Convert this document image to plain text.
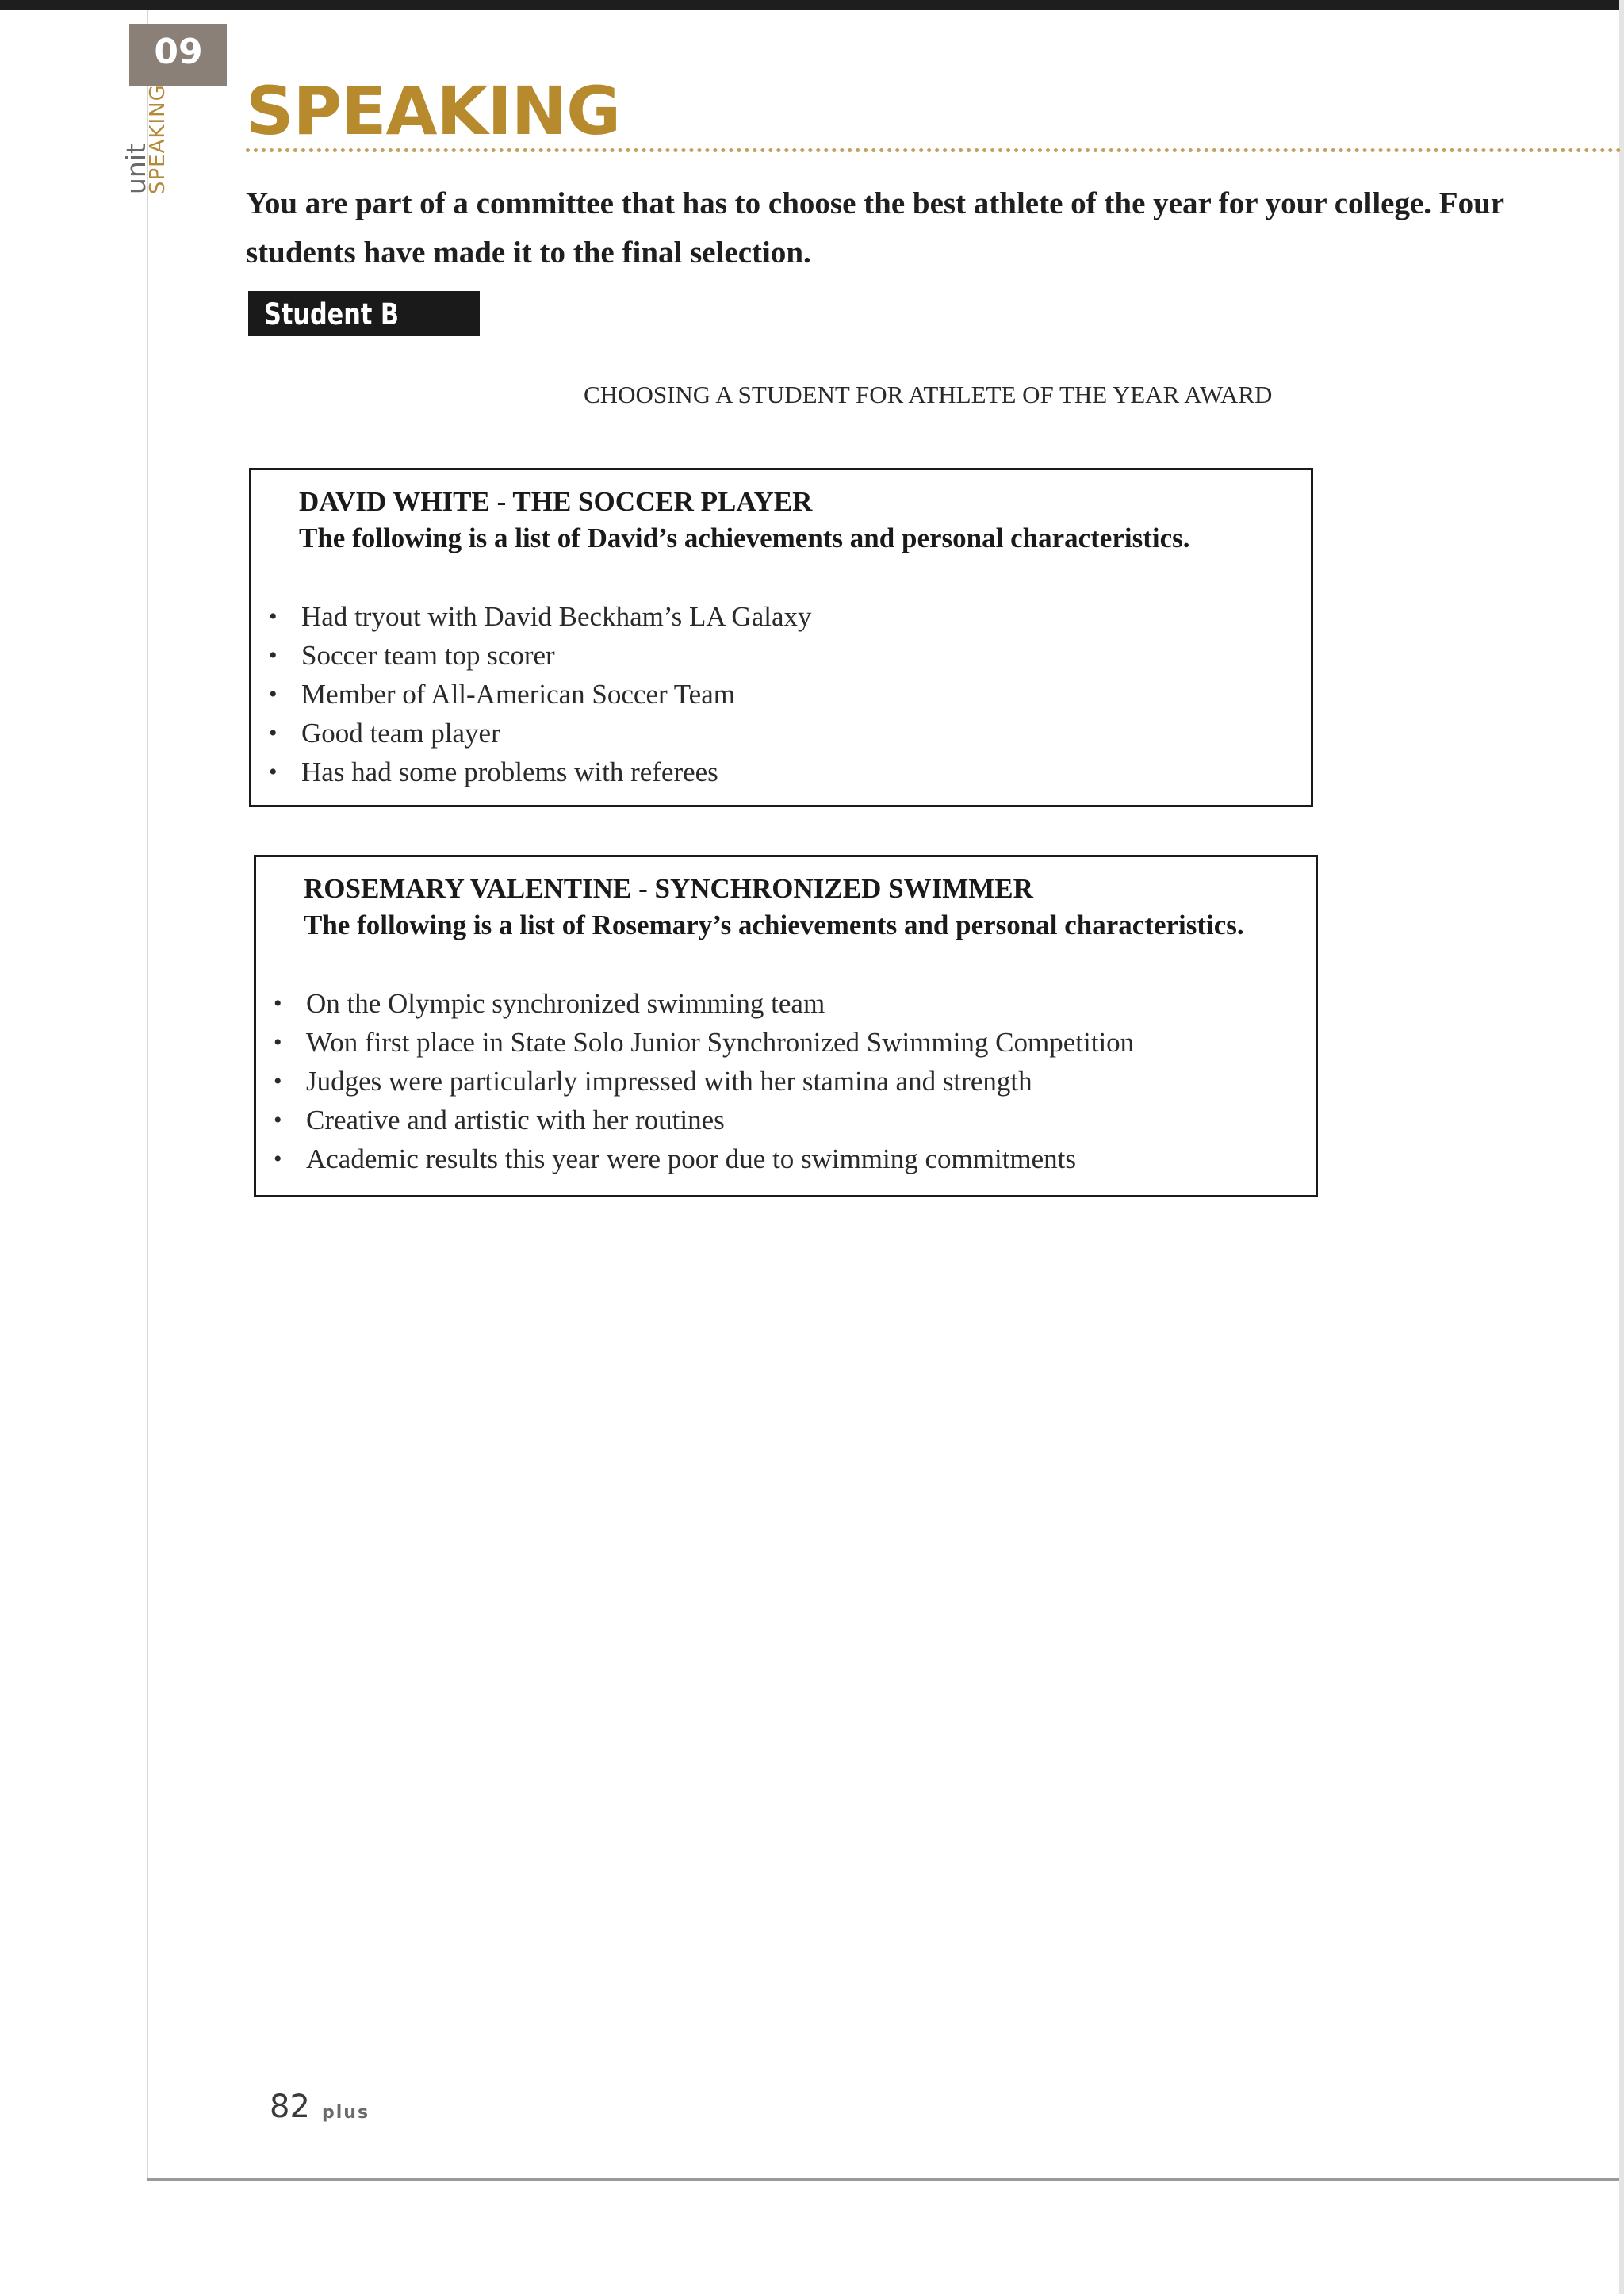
09
unit
SPEAKING SPEAKING
You are part of a committee that has to choose the best athlete of the year for your college. Four students have made it to the final selection.
Student B
CHOOSING A STUDENT FOR ATHLETE OF THE YEAR AWARD
DAVID WHITE - THE SOCCER PLAYER
The following is a list of David’s achievements and personal characteristics.
• Had tryout with David Beckham’s LA Galaxy
• Soccer team top scorer
• Member of All-American Soccer Team
• Good team player
• Has had some problems with referees
ROSEMARY VALENTINE - SYNCHRONIZED SWIMMER
The following is a list of Rosemary’s achievements and personal characteristics.
• On the Olympic synchronized swimming team
• Won first place in State Solo Junior Synchronized Swimming Competition
• Judges were particularly impressed with her stamina and strength
• Creative and artistic with her routines
• Academic results this year were poor due to swimming commitments
82 plus
